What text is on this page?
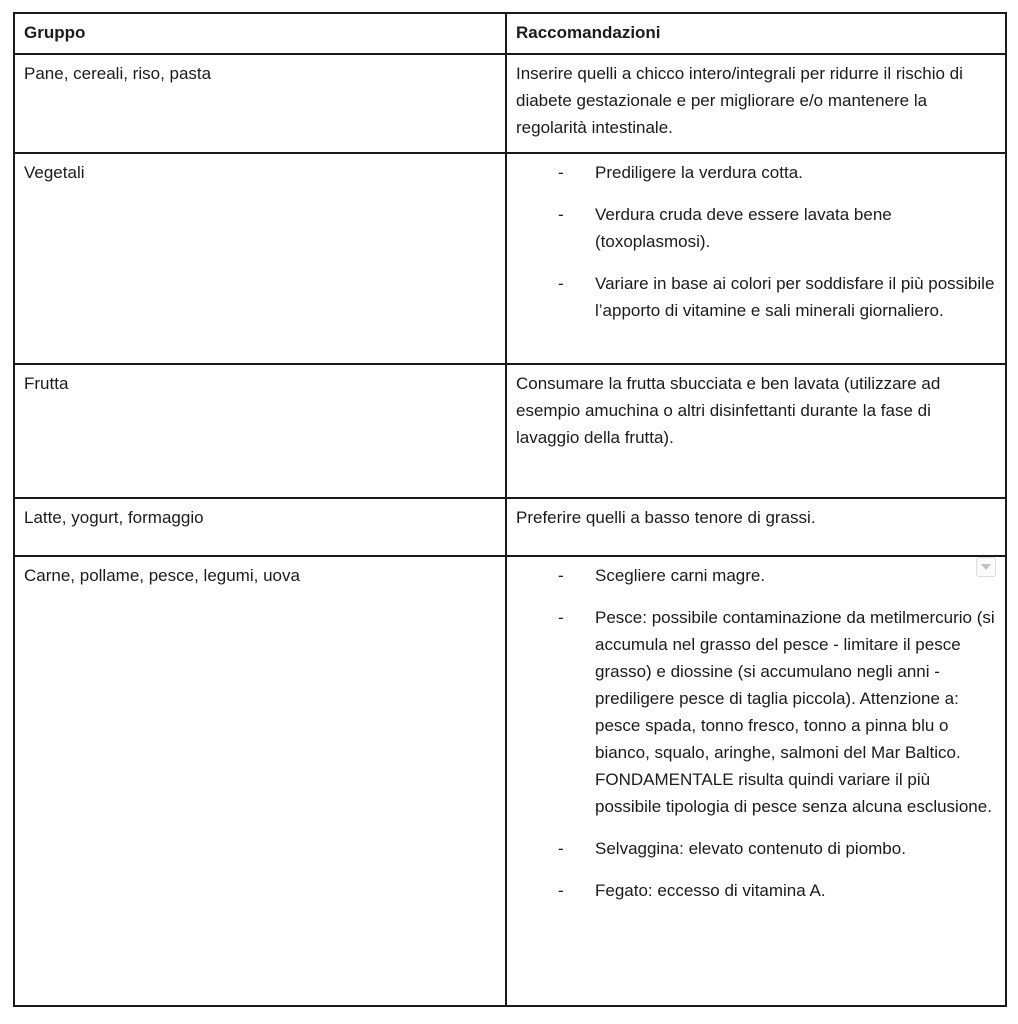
Gruppo	Raccomandazioni
Pane, cereali, riso, pasta	Inserire quelli a chicco intero/integrali per ridurre il rischio di diabete gestazionale e per migliorare e/o mantenere la regolarità intestinale.

Vegetali	-	Prediligere la verdura cotta.
-	Verdura cruda deve essere lavata bene (toxoplasmosi).
-	Variare in base ai colori per soddisfare il più possibile l’apporto di vitamine e sali minerali giornaliero.

Frutta	Consumare la frutta sbucciata e ben lavata (utilizzare ad esempio amuchina o altri disinfettanti durante la fase di lavaggio della frutta).

Latte, yogurt, formaggio	Preferire quelli a basso tenore di grassi.

Carne, pollame, pesce, legumi, uova	-	Scegliere carni magre.
-	Pesce: possibile contaminazione da metilmercurio (si accumula nel grasso del pesce - limitare il pesce grasso) e diossine (si accumulano negli anni - prediligere pesce di taglia piccola). Attenzione a: pesce spada, tonno fresco, tonno a pinna blu o bianco, squalo, aringhe, salmoni del Mar Baltico. FONDAMENTALE risulta quindi variare il più possibile tipologia di pesce senza alcuna esclusione.
-	Selvaggina: elevato contenuto di piombo.
-	Fegato: eccesso di vitamina A.
